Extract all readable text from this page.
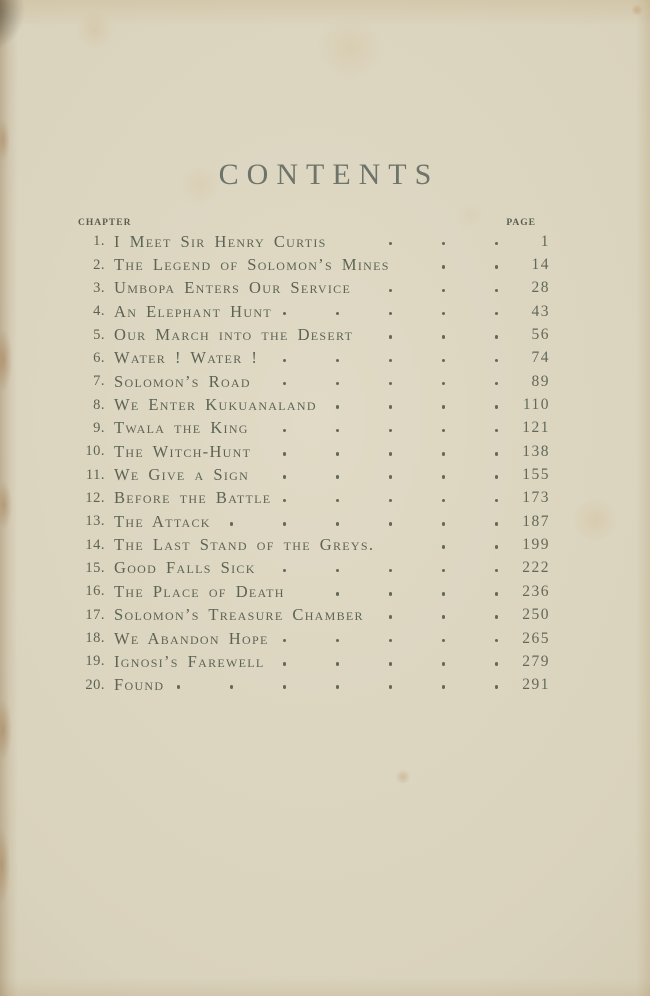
CONTENTS
CHAPTER	PAGE
1. I Meet Sir Henry Curtis	1
2. The Legend of Solomon’s Mines	14
3. Umbopa Enters Our Service	28
4. An Elephant Hunt	43
5. Our March into the Desert	56
6. Water ! Water !	74
7. Solomon’s Road	89
8. We Enter Kukuanaland	110
9. Twala the King	121
10. The Witch-Hunt	138
11. We Give a Sign	155
12. Before the Battle	173
13. The Attack	187
14. The Last Stand of the Greys.	199
15. Good Falls Sick	222
16. The Place of Death	236
17. Solomon’s Treasure Chamber	250
18. We Abandon Hope	265
19. Ignosi’s Farewell	279
20. Found	291
